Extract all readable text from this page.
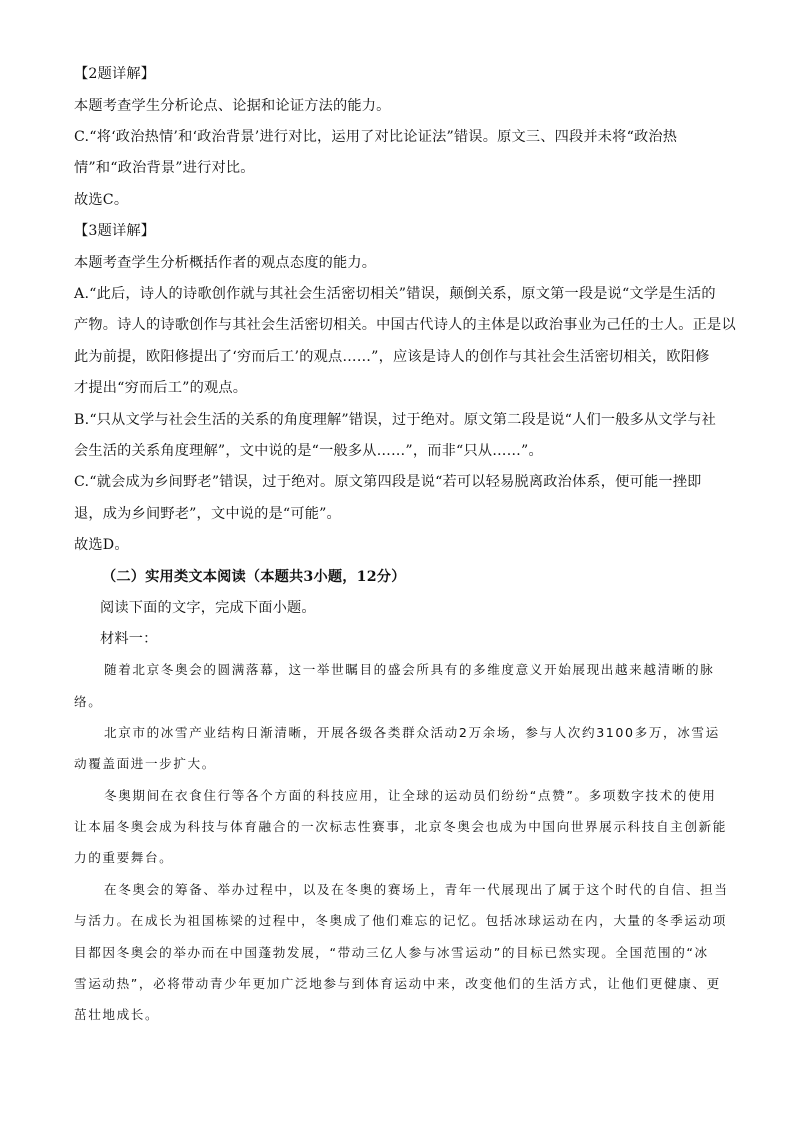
【2题详解】

本题考查学生分析论点、论据和论证方法的能力。

C.“将‘政治热情’和‘政治背景’进行对比，运用了对比论证法”错误。原文三、四段并未将“政治热

情”和“政治背景”进行对比。

故选C。

【3题详解】

本题考查学生分析概括作者的观点态度的能力。

A.“此后，诗人的诗歌创作就与其社会生活密切相关”错误，颠倒关系，原文第一段是说“文学是生活的

产物。诗人的诗歌创作与其社会生活密切相关。中国古代诗人的主体是以政治事业为己任的士人。正是以

此为前提，欧阳修提出了‘穷而后工’的观点……”，应该是诗人的创作与其社会生活密切相关，欧阳修

才提出“穷而后工”的观点。

B.“只从文学与社会生活的关系的角度理解”错误，过于绝对。原文第二段是说“人们一般多从文学与社

会生活的关系角度理解”，文中说的是“一般多从……”，而非“只从……”。

C.“就会成为乡间野老”错误，过于绝对。原文第四段是说“若可以轻易脱离政治体系，便可能一挫即

退，成为乡间野老”，文中说的是“可能”。

故选D。

（二）实用类文本阅读（本题共3小题，12分）

阅读下面的文字，完成下面小题。

材料一：

随着北京冬奥会的圆满落幕，这一举世瞩目的盛会所具有的多维度意义开始展现出越来越清晰的脉

络。

北京市的冰雪产业结构日渐清晰，开展各级各类群众活动2万余场，参与人次约3100多万，冰雪运

动覆盖面进一步扩大。

冬奥期间在衣食住行等各个方面的科技应用，让全球的运动员们纷纷“点赞”。多项数字技术的使用

让本届冬奥会成为科技与体育融合的一次标志性赛事，北京冬奥会也成为中国向世界展示科技自主创新能

力的重要舞台。

在冬奥会的筹备、举办过程中，以及在冬奥的赛场上，青年一代展现出了属于这个时代的自信、担当

与活力。在成长为祖国栋梁的过程中，冬奥成了他们难忘的记忆。包括冰球运动在内，大量的冬季运动项

目都因冬奥会的举办而在中国蓬勃发展，“带动三亿人参与冰雪运动”的目标已然实现。全国范围的“冰

雪运动热”，必将带动青少年更加广泛地参与到体育运动中来，改变他们的生活方式，让他们更健康、更

茁壮地成长。
